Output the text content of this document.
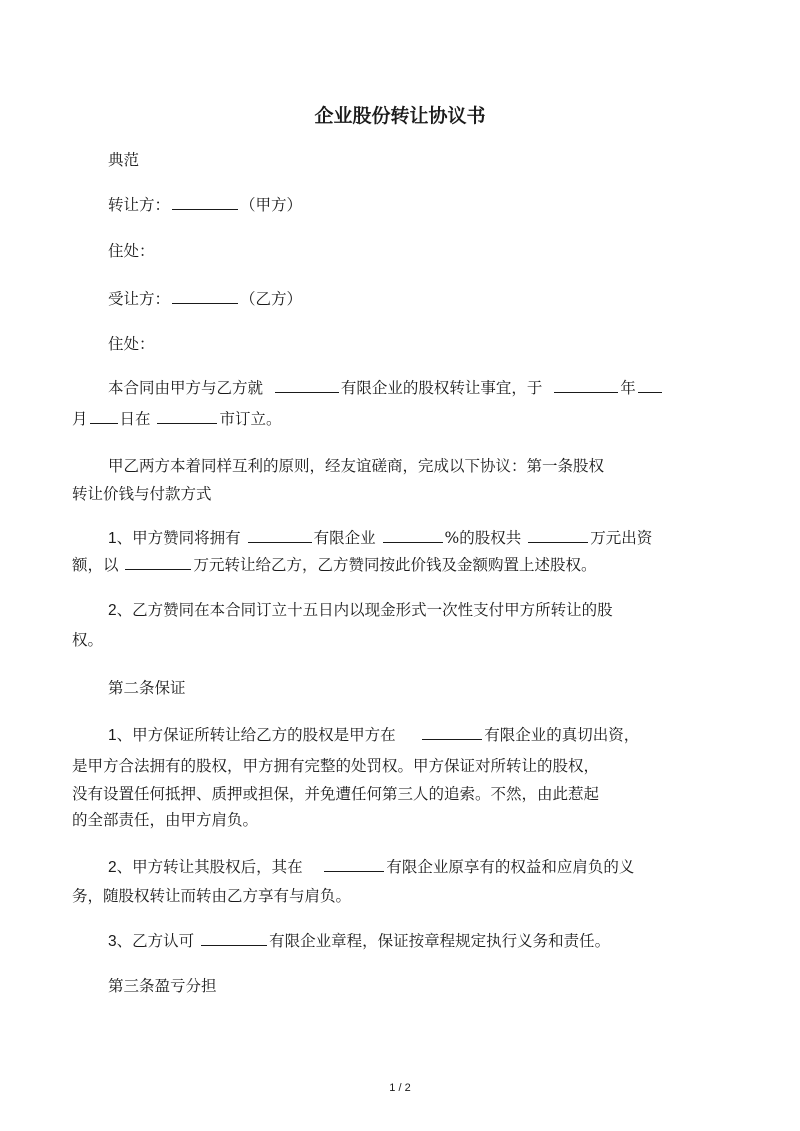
企业股份转让协议书

典范

转让方：	（甲方）

住处：

受让方：	（乙方）

住处：

本合同由甲方与乙方就	有限企业的股权转让事宜，于	年

月 日在	市订立。

甲乙两方本着同样互利的原则，经友谊磋商，完成以下协议：第一条股权

转让价钱与付款方式

1、甲方赞同将拥有	有限企业	%的股权共	万元出资

额，以	万元转让给乙方，乙方赞同按此价钱及金额购置上述股权。

2、乙方赞同在本合同订立十五日内以现金形式一次性支付甲方所转让的股

权。

第二条保证

1、甲方保证所转让给乙方的股权是甲方在	有限企业的真切出资，

是甲方合法拥有的股权，甲方拥有完整的处罚权。甲方保证对所转让的股权，

没有设置任何抵押、质押或担保，并免遭任何第三人的追索。不然，由此惹起

的全部责任，由甲方肩负。

2、甲方转让其股权后，其在	有限企业原享有的权益和应肩负的义

务，随股权转让而转由乙方享有与肩负。

3、乙方认可	有限企业章程，保证按章程规定执行义务和责任。

第三条盈亏分担

1 / 2
